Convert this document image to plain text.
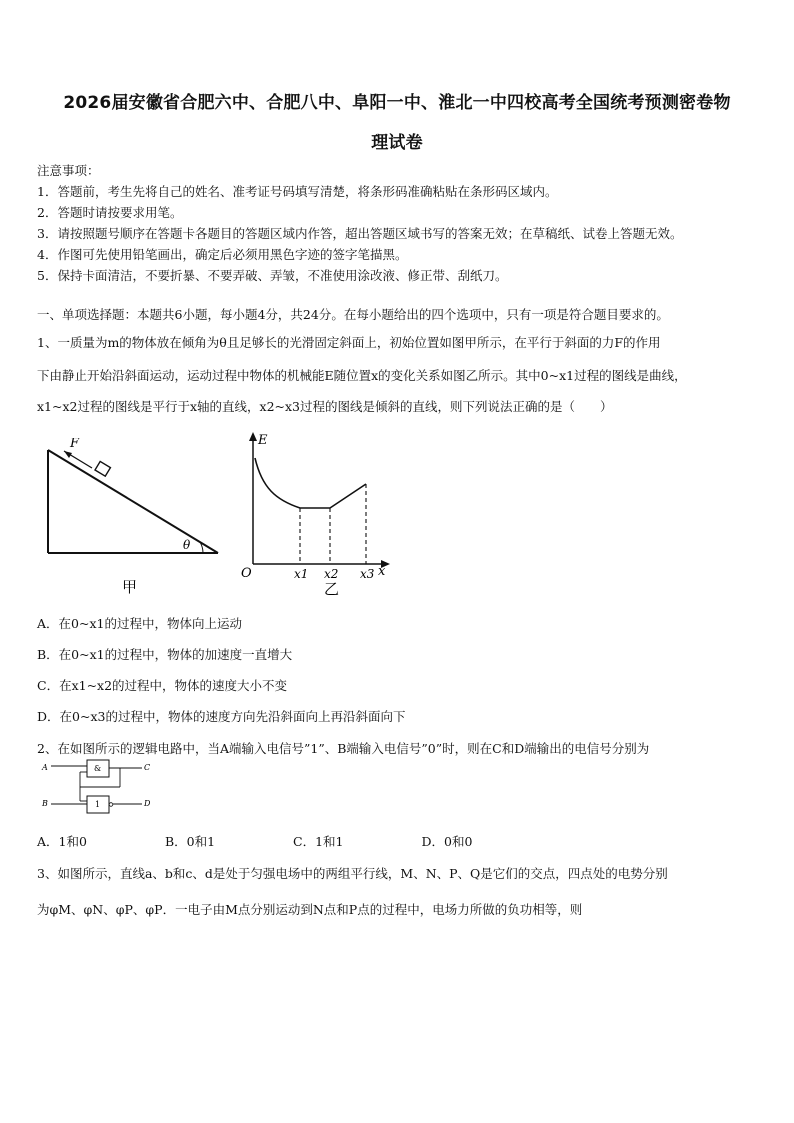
2026届安徽省合肥六中、合肥八中、阜阳一中、淮北一中四校高考全国统考预测密卷物
理试卷
注意事项：
1．答题前，考生先将自己的姓名、准考证号码填写清楚，将条形码准确粘贴在条形码区域内。
2．答题时请按要求用笔。
3．请按照题号顺序在答题卡各题目的答题区域内作答，超出答题区域书写的答案无效；在草稿纸、试卷上答题无效。
4．作图可先使用铅笔画出，确定后必须用黑色字迹的签字笔描黑。
5．保持卡面清洁，不要折暴、不要弄破、弄皱，不准使用涂改液、修正带、刮纸刀。
一、单项选择题：本题共6小题，每小题4分，共24分。在每小题给出的四个选项中，只有一项是符合题目要求的。
1、一质量为m的物体放在倾角为θ且足够长的光滑固定斜面上，初始位置如图甲所示，在平行于斜面的力F的作用
下由静止开始沿斜面运动，运动过程中物体的机械能E随位置x的变化关系如图乙所示。其中0~x1过程的图线是曲线，
x1~x2过程的图线是平行于x轴的直线，x2~x3过程的图线是倾斜的直线，则下列说法正确的是（　　）
F
θ
甲
E
O	x
x1 x2 x3
乙
A．在0~x1的过程中，物体向上运动
B．在0~x1的过程中，物体的加速度一直增大
C．在x1~x2的过程中，物体的速度大小不变
D．在0~x3的过程中，物体的速度方向先沿斜面向上再沿斜面向下
2、在如图所示的逻辑电路中，当A端输入电信号”1”、B端输入电信号”0”时，则在C和D端输出的电信号分别为
A
B
C
D
&
1
A．1和0	B．0和1	C．1和1	D．0和0
3、如图所示，直线a、b和c、d是处于匀强电场中的两组平行线，M、N、P、Q是它们的交点，四点处的电势分别
为φM、φN、φP、φP．一电子由M点分别运动到N点和P点的过程中，电场力所做的负功相等，则
